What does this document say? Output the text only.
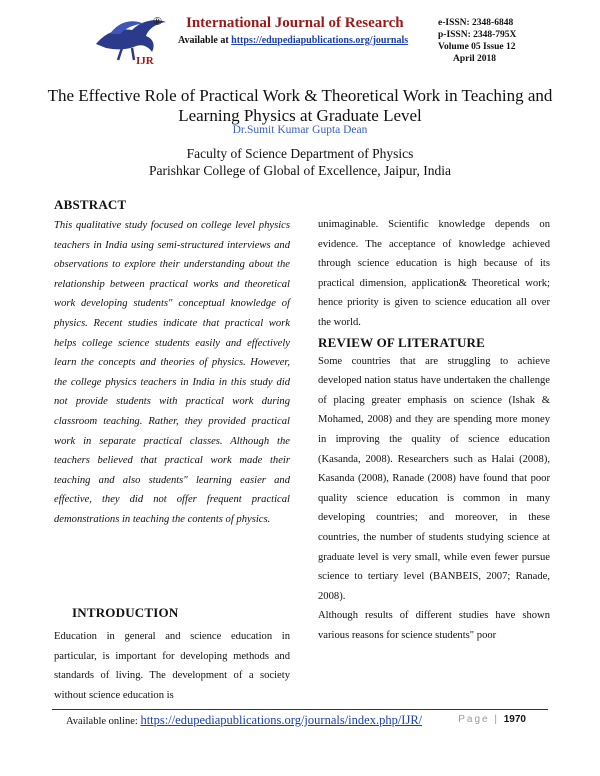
IJR
® International Journal of Research
Available at https://edupediapublications.org/journals
e-ISSN: 2348-6848
p-ISSN: 2348-795X
Volume 05 Issue 12
April 2018
The Effective Role of Practical Work & Theoretical Work in Teaching and Learning Physics at Graduate Level
Dr.Sumit Kumar Gupta Dean
Faculty of Science Department of Physics
Parishkar College of Global of Excellence, Jaipur, India
ABSTRACT

This qualitative study focused on college level physics teachers in India using semi-structured interviews and observations to explore their understanding about the relationship between practical works and theoretical work developing students" conceptual knowledge of physics. Recent studies indicate that practical work helps college science students easily and effectively learn the concepts and theories of physics. However, the college physics teachers in India in this study did not provide students with practical work during classroom teaching. Rather, they provided practical work in separate practical classes. Although the teachers believed that practical work made their teaching and also students" learning easier and effective, they did not offer frequent practical demonstrations in teaching the contents of physics.

INTRODUCTION

Education in general and science education in particular, is important for developing methods and standards of living. The development of a society without science education is

unimaginable. Scientific knowledge depends on evidence. The acceptance of knowledge achieved through science education is high because of its practical dimension, application& Theoretical work; hence priority is given to science education all over the world.

REVIEW OF LITERATURE

Some countries that are struggling to achieve developed nation status have undertaken the challenge of placing greater emphasis on science (Ishak & Mohamed, 2008) and they are spending more money in improving the quality of science education (Kasanda, 2008). Researchers such as Halai (2008), Kasanda (2008), Ranade (2008) have found that poor quality science education is common in many developing countries; and moreover, in these countries, the number of students studying science at graduate level is very small, while even fewer pursue science to tertiary level (BANBEIS, 2007; Ranade, 2008).

Although results of different studies have shown various reasons for science students" poor

Available online: https://edupediapublications.org/journals/index.php/IJR/	Page | 1970
